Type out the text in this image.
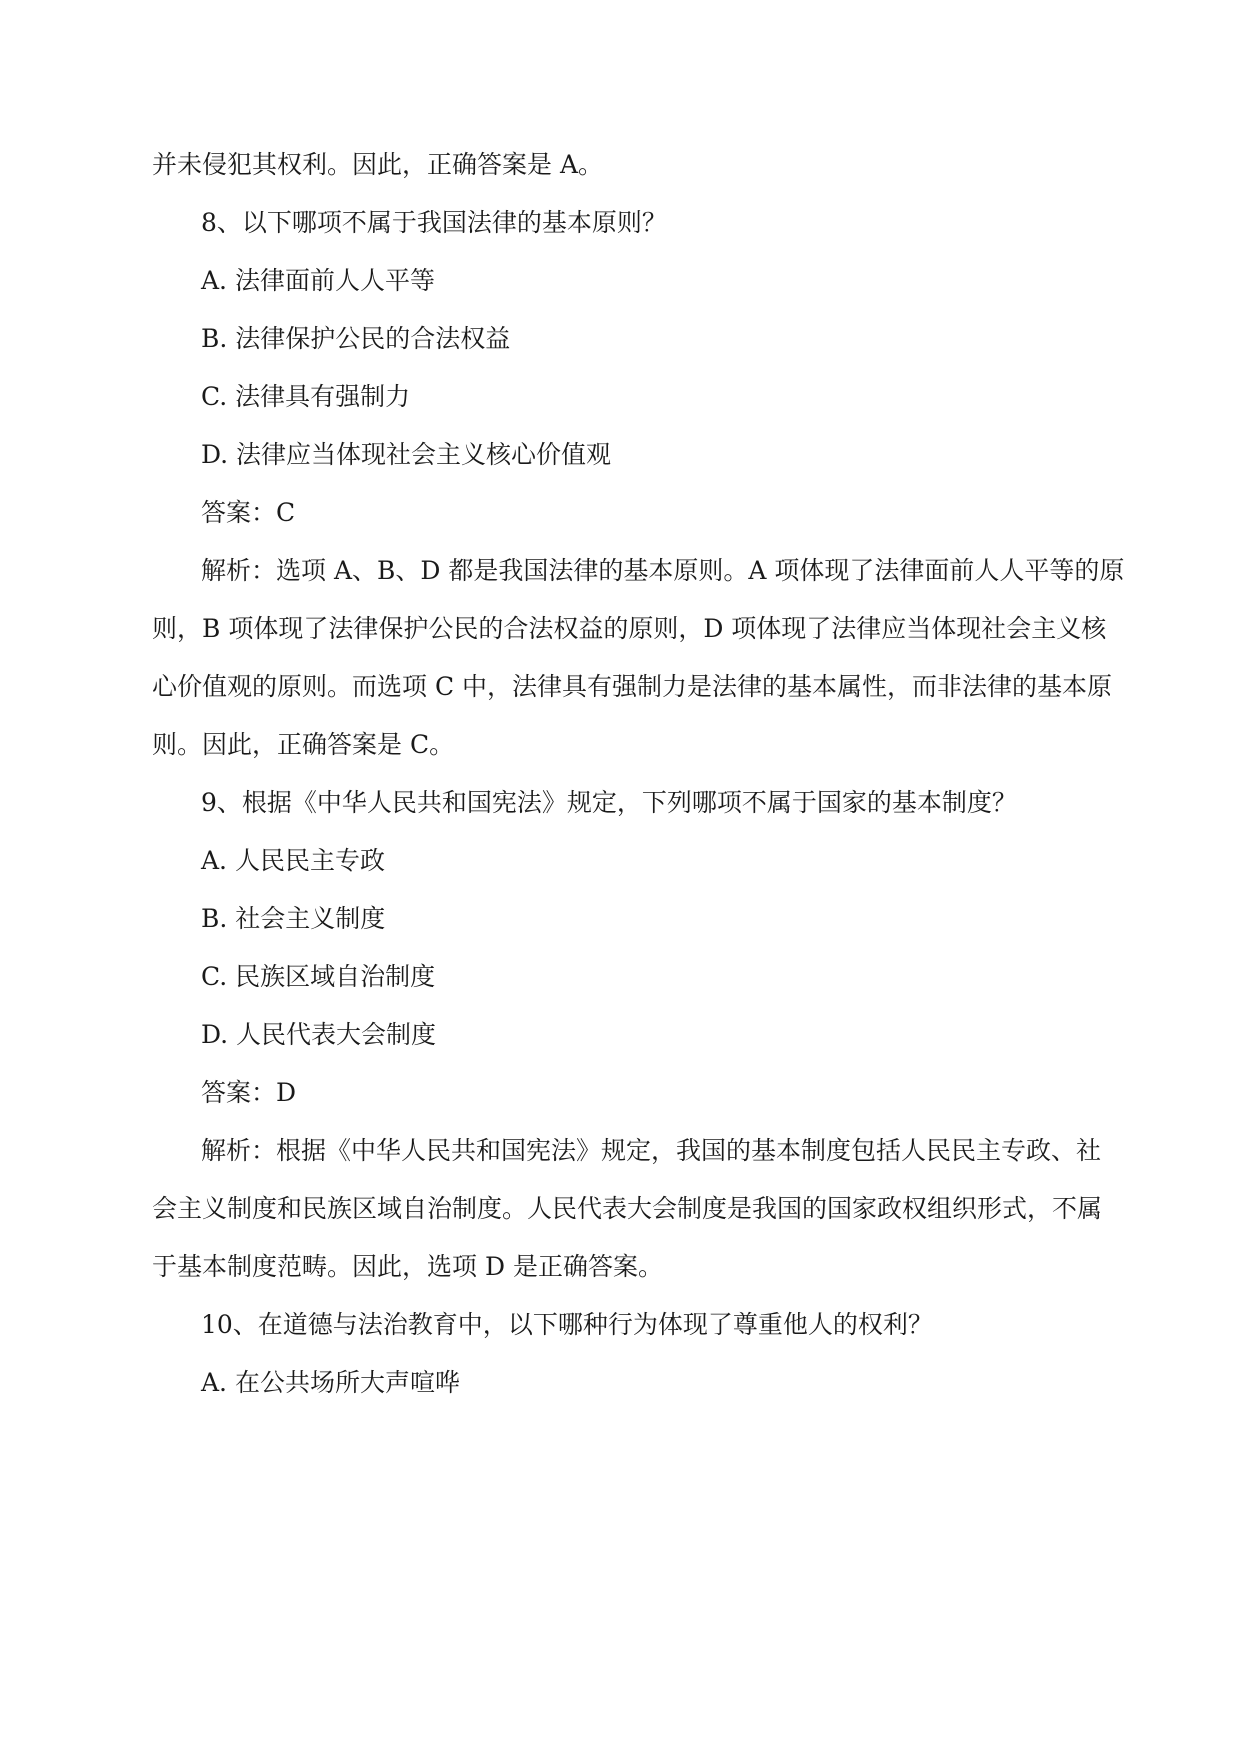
并未侵犯其权利。因此，正确答案是 A。
8、以下哪项不属于我国法律的基本原则？
A. 法律面前人人平等
B. 法律保护公民的合法权益
C. 法律具有强制力
D. 法律应当体现社会主义核心价值观
答案：C
解析：选项 A、B、D 都是我国法律的基本原则。A 项体现了法律面前人人平等的原
则，B 项体现了法律保护公民的合法权益的原则，D 项体现了法律应当体现社会主义核
心价值观的原则。而选项 C 中，法律具有强制力是法律的基本属性，而非法律的基本原
则。因此，正确答案是 C。
9、根据《中华人民共和国宪法》规定，下列哪项不属于国家的基本制度？
A. 人民民主专政
B. 社会主义制度
C. 民族区域自治制度
D. 人民代表大会制度
答案：D
解析：根据《中华人民共和国宪法》规定，我国的基本制度包括人民民主专政、社
会主义制度和民族区域自治制度。人民代表大会制度是我国的国家政权组织形式，不属
于基本制度范畴。因此，选项 D 是正确答案。
10、在道德与法治教育中，以下哪种行为体现了尊重他人的权利？
A. 在公共场所大声喧哗
